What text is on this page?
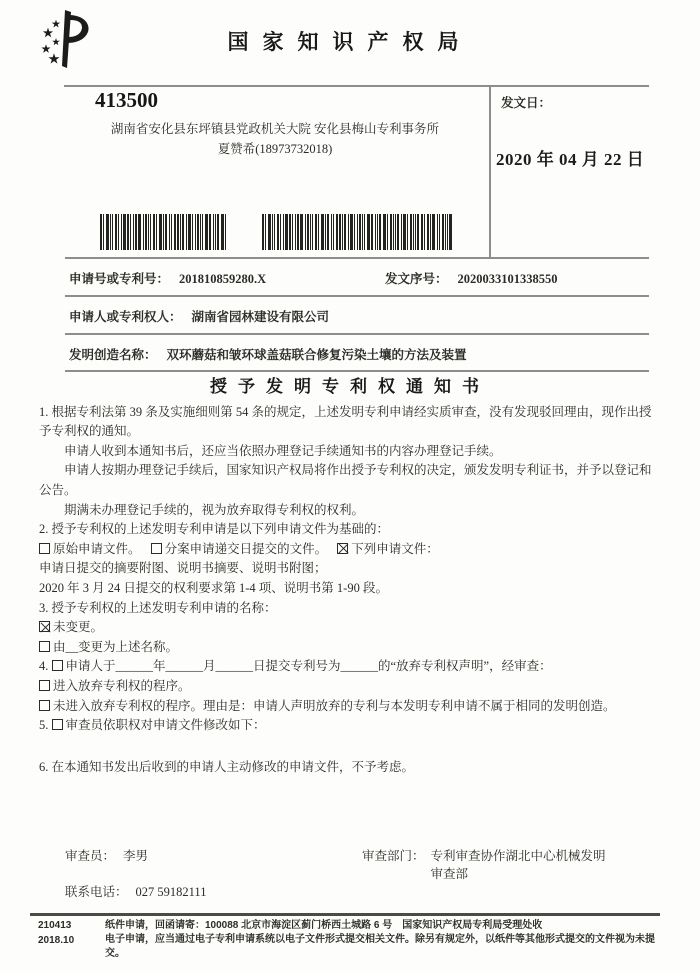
国家知识产权局
发文日：
2020 年 04 月 22 日
413500
湖南省安化县东坪镇县党政机关大院 安化县梅山专利事务所
夏赞希(18973732018)
申请号或专利号： 201810859280.X	发文序号： 2020033101338550
申请人或专利权人： 湖南省园林建设有限公司
发明创造名称： 双环蘑菇和皱环球盖菇联合修复污染土壤的方法及装置
授予发明专利权通知书

1. 根据专利法第 39 条及实施细则第 54 条的规定，上述发明专利申请经实质审查，没有发现驳回理由，现作出授予专利权的通知。

申请人收到本通知书后，还应当依照办理登记手续通知书的内容办理登记手续。

申请人按期办理登记手续后，国家知识产权局将作出授予专利权的决定，颁发发明专利证书，并予以登记和公告。

期满未办理登记手续的，视为放弃取得专利权的权利。

2. 授予专利权的上述发明专利申请是以下列申请文件为基础的：

原始申请文件。 分案申请递交日提交的文件。 下列申请文件：

申请日提交的摘要附图、说明书摘要、说明书附图；

2020 年 3 月 24 日提交的权利要求第 1-4 项、说明书第 1-90 段。

3. 授予专利权的上述发明专利申请的名称：

未变更。

由__变更为上述名称。

4. 申请人于______年______月______日提交专利号为______的“放弃专利权声明”，经审查：

进入放弃专利权的程序。

未进入放弃专利权的程序。理由是：申请人声明放弃的专利与本发明专利申请不属于相同的发明创造。

5. 审查员依职权对申请文件修改如下：

6. 在本通知书发出后收到的申请人主动修改的申请文件，不予考虑。

审查员： 李男	审查部门： 专利审查协作湖北中心机械发明审查部
联系电话： 027 59182111
210413
2018.10
纸件申请，回函请寄：100088 北京市海淀区蓟门桥西土城路 6 号　国家知识产权局专利局受理处收
电子申请，应当通过电子专利申请系统以电子文件形式提交相关文件。除另有规定外，以纸件等其他形式提交的文件视为未提交。
